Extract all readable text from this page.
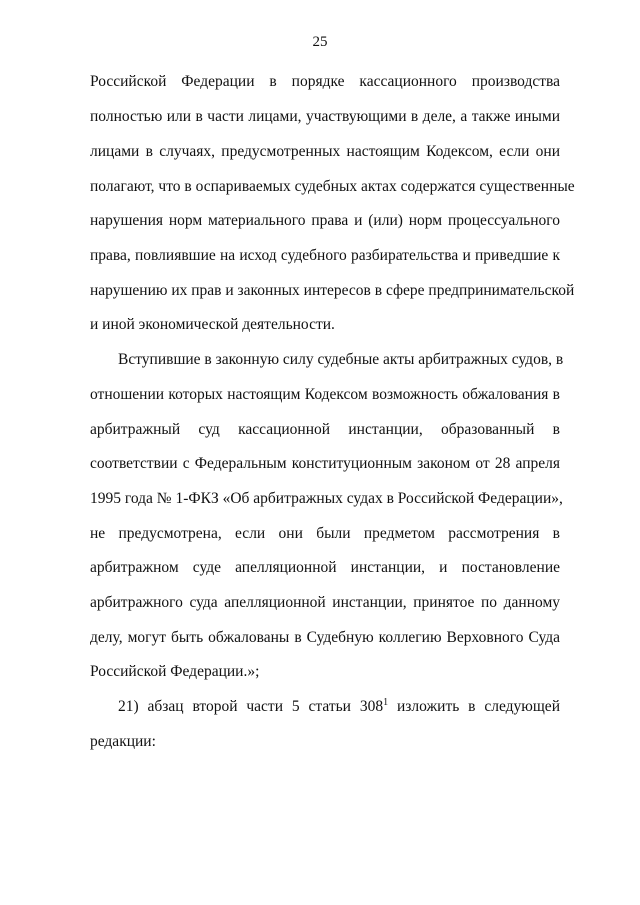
25
Российской Федерации в порядке кассационного производства
полностью или в части лицами, участвующими в деле, а также иными
лицами в случаях, предусмотренных настоящим Кодексом, если они
полагают, что в оспариваемых судебных актах содержатся существенные
нарушения норм материального права и (или) норм процессуального
права, повлиявшие на исход судебного разбирательства и приведшие к
нарушению их прав и законных интересов в сфере предпринимательской
и иной экономической деятельности.
Вступившие в законную силу судебные акты арбитражных судов, в
отношении которых настоящим Кодексом возможность обжалования в
арбитражный суд кассационной инстанции, образованный в
соответствии с Федеральным конституционным законом от 28 апреля
1995 года № 1-ФКЗ «Об арбитражных судах в Российской Федерации»,
не предусмотрена, если они были предметом рассмотрения в
арбитражном суде апелляционной инстанции, и постановление
арбитражного суда апелляционной инстанции, принятое по данному
делу, могут быть обжалованы в Судебную коллегию Верховного Суда
Российской Федерации.»;
21) абзац второй части 5 статьи $308^1$ изложить в следующей
редакции:
